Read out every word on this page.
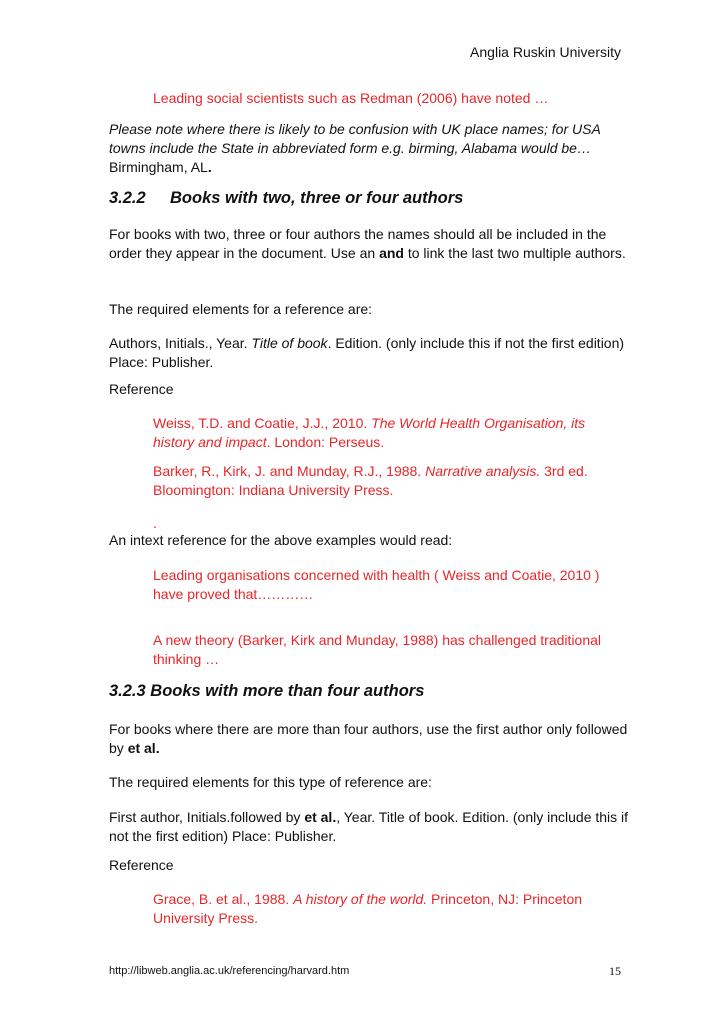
Anglia Ruskin University
Leading social scientists such as Redman (2006) have noted …
Please note where there is likely to be confusion with UK place names; for USA towns include the State in abbreviated form e.g. birming, Alabama would be… Birmingham, AL.
3.2.2 Books with two, three or four authors
For books with two, three or four authors the names should all be included in the order they appear in the document. Use an and to link the last two multiple authors.
The required elements for a reference are:
Authors, Initials., Year. Title of book. Edition. (only include this if not the first edition) Place: Publisher.
Reference
Weiss, T.D. and Coatie, J.J., 2010. The World Health Organisation, its history and impact. London: Perseus.
Barker, R., Kirk, J. and Munday, R.J., 1988. Narrative analysis. 3rd ed. Bloomington: Indiana University Press.
.
An intext reference for the above examples would read:
Leading organisations concerned with health ( Weiss and Coatie, 2010 ) have proved that…………
A new theory (Barker, Kirk and Munday, 1988) has challenged traditional thinking …
3.2.3 Books with more than four authors
For books where there are more than four authors, use the first author only followed by et al.
The required elements for this type of reference are:
First author, Initials.followed by et al., Year. Title of book. Edition. (only include this if not the first edition) Place: Publisher.
Reference
Grace, B. et al., 1988. A history of the world. Princeton, NJ: Princeton University Press.
http://libweb.anglia.ac.uk/referencing/harvard.htm	15
